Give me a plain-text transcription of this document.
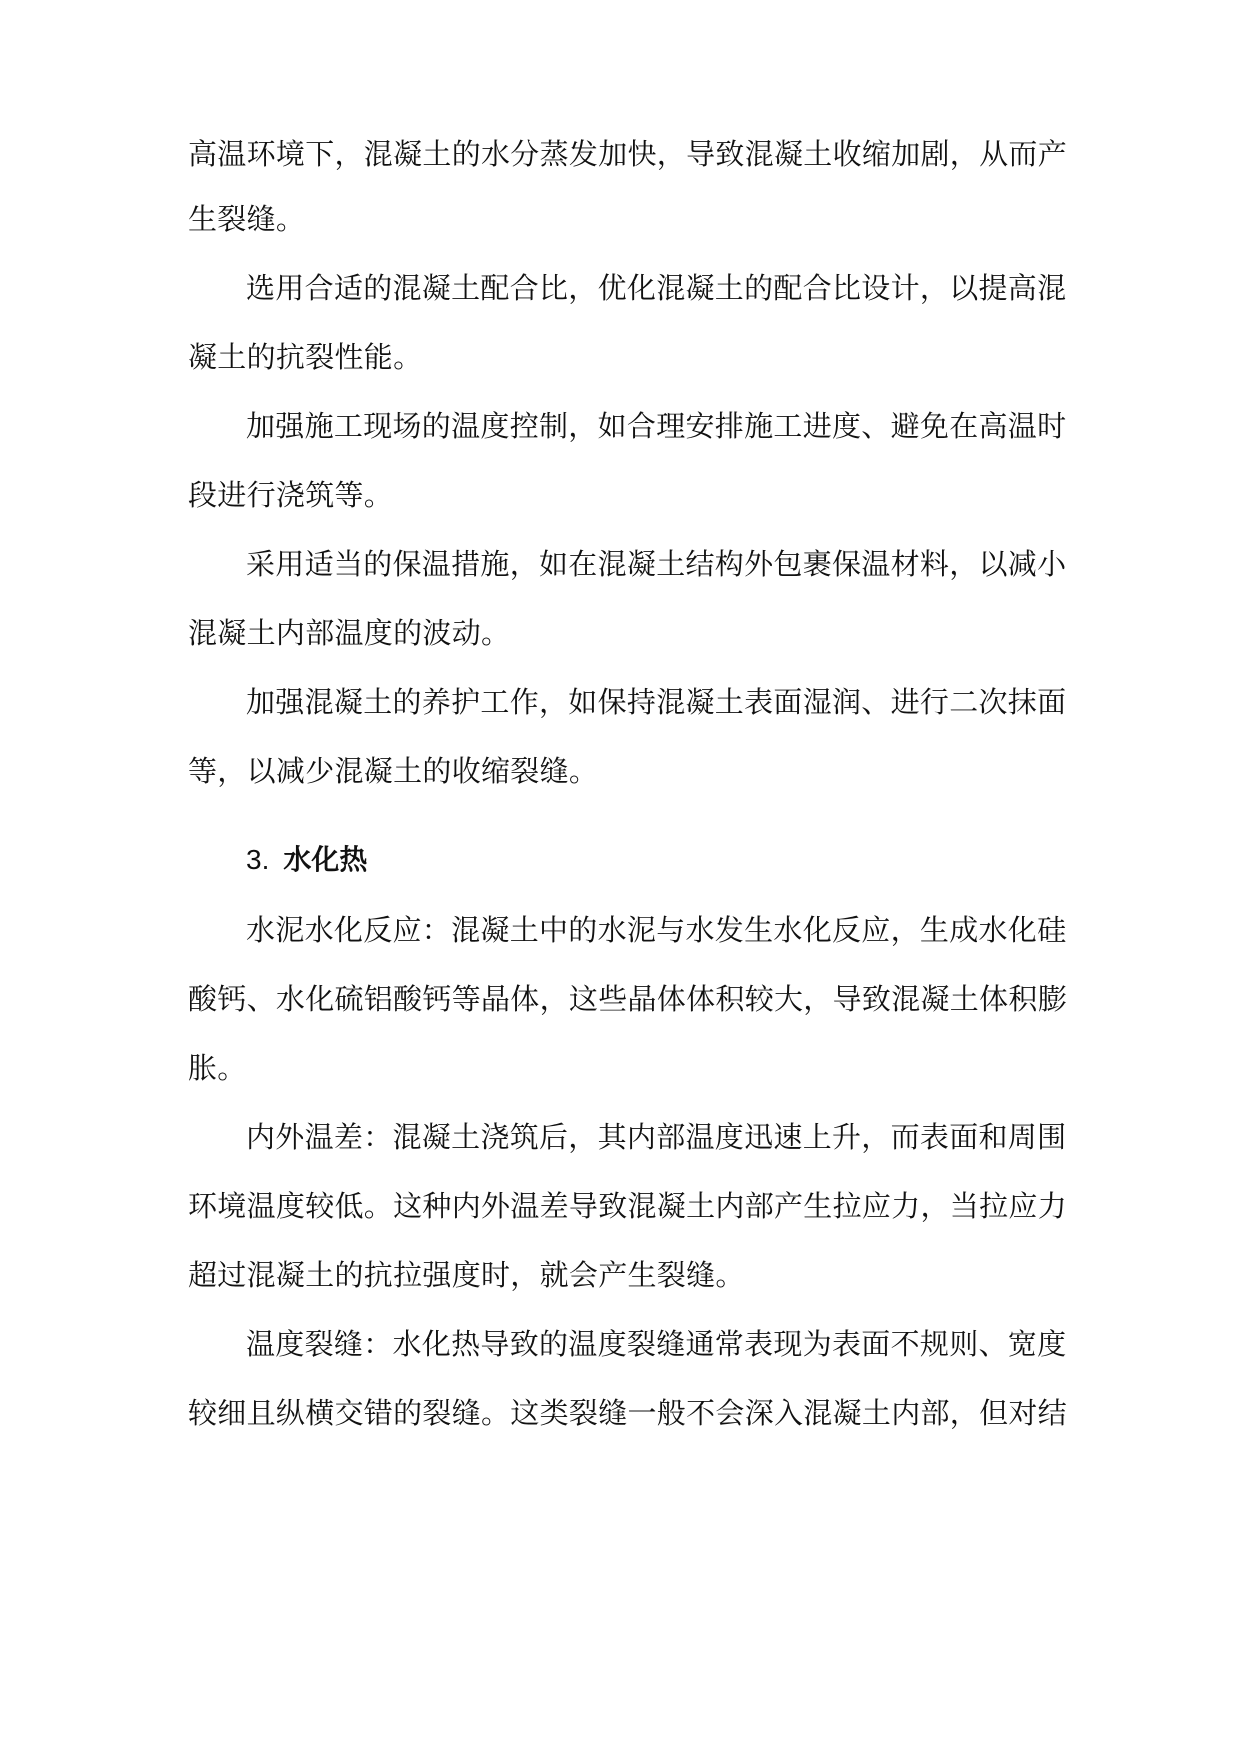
高温环境下，混凝土的水分蒸发加快，导致混凝土收缩加剧，从而产
生裂缝。
选用合适的混凝土配合比，优化混凝土的配合比设计，以提高混
凝土的抗裂性能。
加强施工现场的温度控制，如合理安排施工进度、避免在高温时
段进行浇筑等。
采用适当的保温措施，如在混凝土结构外包裹保温材料，以减小
混凝土内部温度的波动。
加强混凝土的养护工作，如保持混凝土表面湿润、进行二次抹面
等，以减少混凝土的收缩裂缝。
3. 水化热
水泥水化反应：混凝土中的水泥与水发生水化反应，生成水化硅
酸钙、水化硫铝酸钙等晶体，这些晶体体积较大，导致混凝土体积膨
胀。
内外温差：混凝土浇筑后，其内部温度迅速上升，而表面和周围
环境温度较低。这种内外温差导致混凝土内部产生拉应力，当拉应力
超过混凝土的抗拉强度时，就会产生裂缝。
温度裂缝：水化热导致的温度裂缝通常表现为表面不规则、宽度
较细且纵横交错的裂缝。这类裂缝一般不会深入混凝土内部，但对结
